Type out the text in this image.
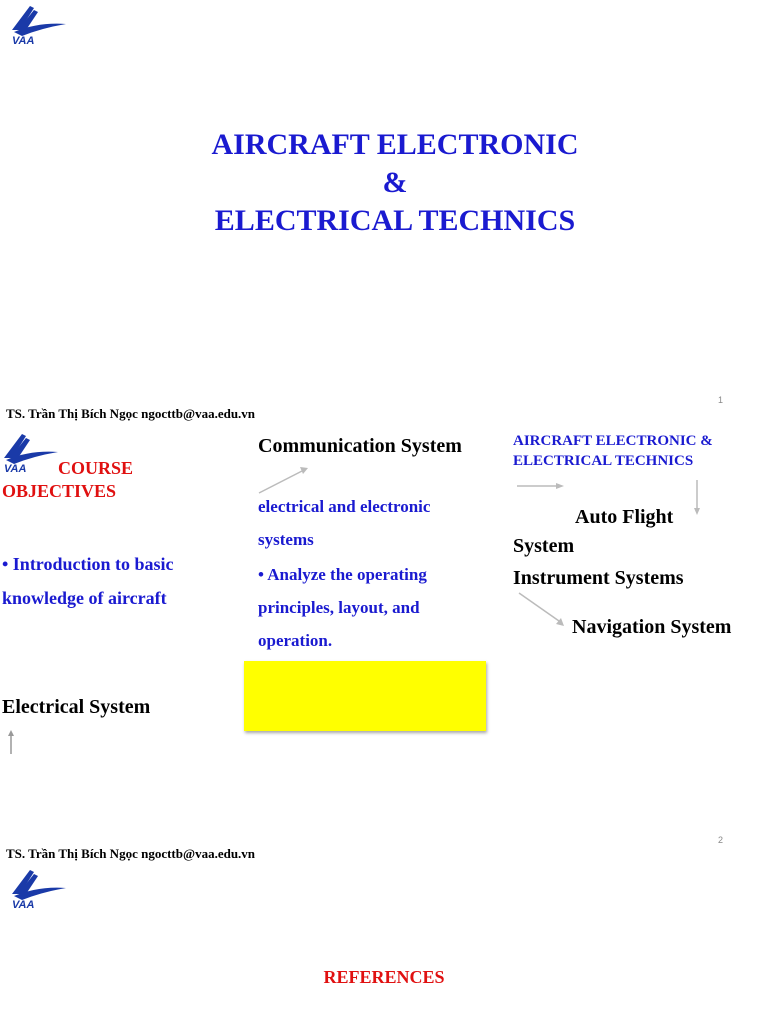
VAA
AIRCRAFT ELECTRONIC
&
ELECTRICAL TECHNICS
1
TS. Trần Thị Bích Ngọc ngocttb@vaa.edu.vn
VAA COURSE
OBJECTIVES
• Introduction to basic
knowledge of aircraft
Electrical System
Communication System
electrical and electronic
systems
• Analyze the operating
principles, layout, and
operation.
AIRCRAFT ELECTRONIC &
ELECTRICAL TECHNICS
Auto Flight
System
Instrument Systems
Navigation System
2
TS. Trần Thị Bích Ngọc ngocttb@vaa.edu.vn
VAA
REFERENCES
